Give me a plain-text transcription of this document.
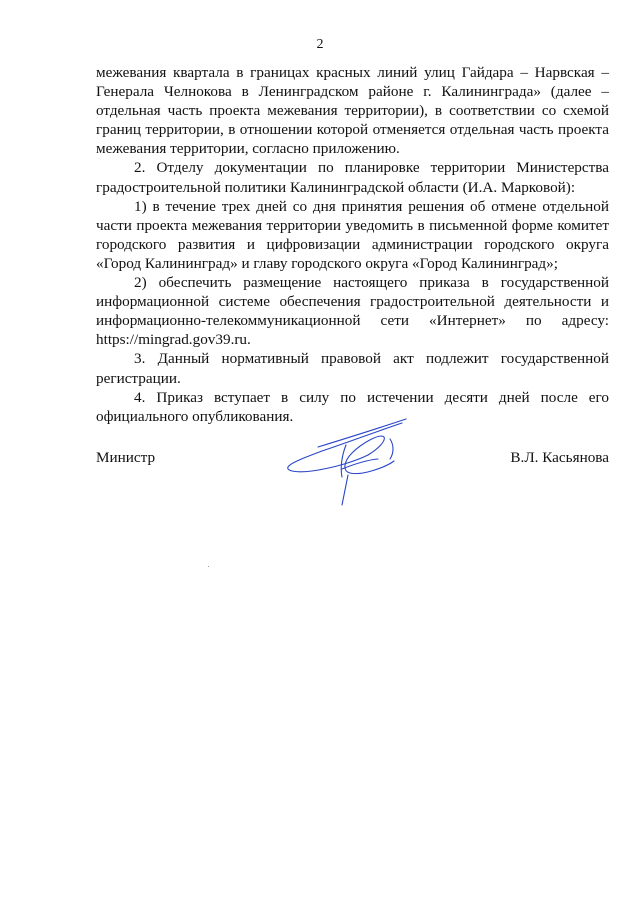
2

межевания квартала в границах красных линий улиц Гайдара – Нарвская – Генерала Челнокова в Ленинградском районе г. Калининграда» (далее – отдельная часть проекта межевания территории), в соответствии со схемой границ территории, в отношении которой отменяется отдельная часть проекта межевания территории, согласно приложению.

2. Отделу документации по планировке территории Министерства градостроительной политики Калининградской области (И.А. Марковой):

1) в течение трех дней со дня принятия решения об отмене отдельной части проекта межевания территории уведомить в письменной форме комитет городского развития и цифровизации администрации городского округа «Город Калининград» и главу городского округа «Город Калининград»;

2) обеспечить размещение настоящего приказа в государственной информационной системе обеспечения градостроительной деятельности и информационно-телекоммуникационной сети «Интернет» по адресу: https://mingrad.gov39.ru.

3. Данный нормативный правовой акт подлежит государственной регистрации.

4. Приказ вступает в силу по истечении десяти дней после его официального опубликования.

Министр	В.Л. Касьянова
